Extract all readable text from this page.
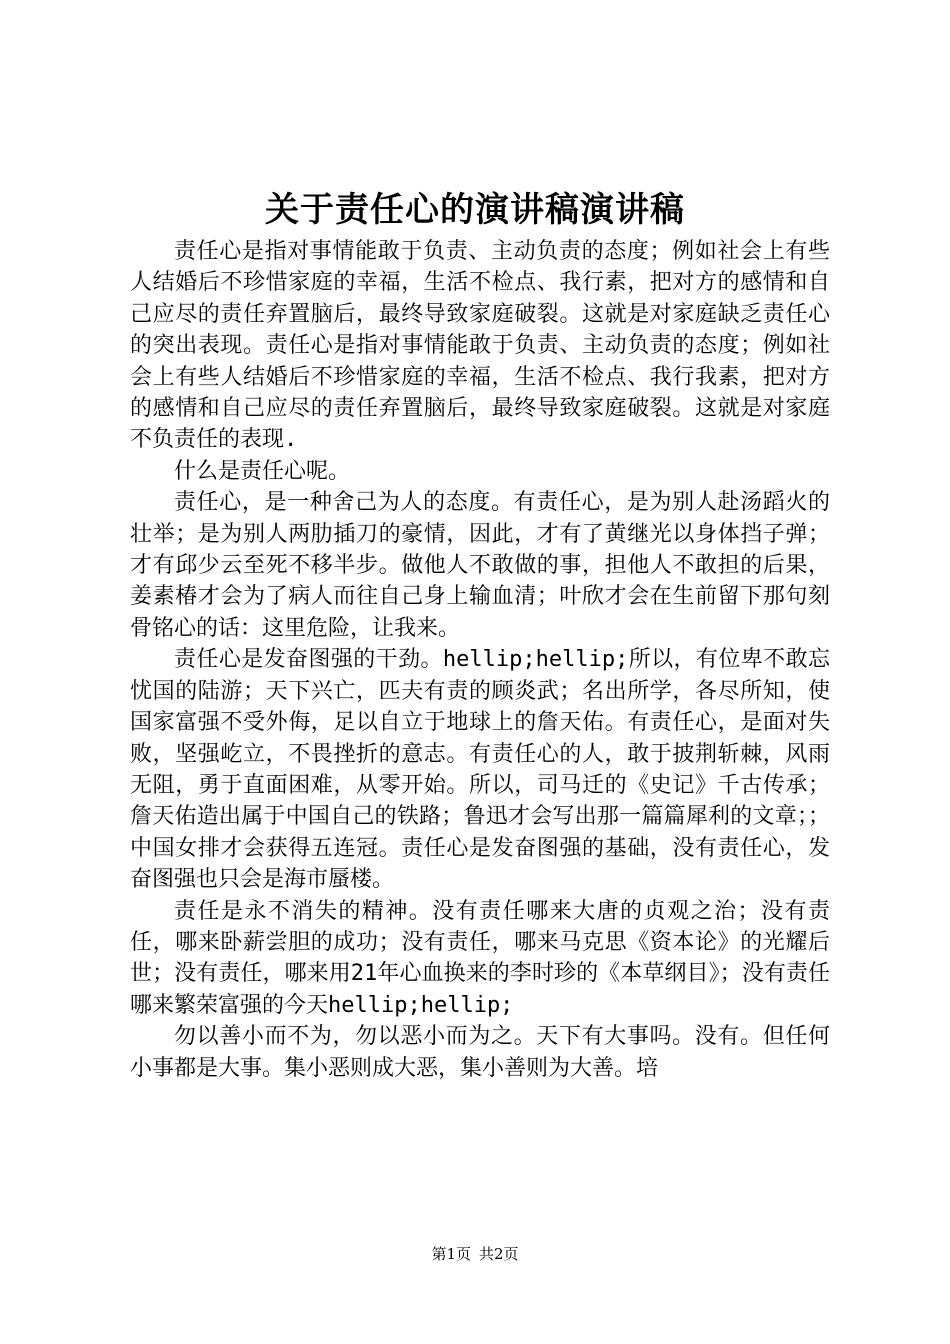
关于责任心的演讲稿演讲稿

责任心是指对事情能敢于负责、主动负责的态度；例如社会上有些人结婚后不珍惜家庭的幸福，生活不检点、我行素，把对方的感情和自己应尽的责任弃置脑后，最终导致家庭破裂。这就是对家庭缺乏责任心的突出表现。责任心是指对事情能敢于负责、主动负责的态度；例如社会上有些人结婚后不珍惜家庭的幸福，生活不检点、我行我素，把对方的感情和自己应尽的责任弃置脑后，最终导致家庭破裂。这就是对家庭不负责任的表现.

什么是责任心呢。

责任心，是一种舍己为人的态度。有责任心，是为别人赴汤蹈火的壮举；是为别人两肋插刀的豪情，因此，才有了黄继光以身体挡子弹；才有邱少云至死不移半步。做他人不敢做的事，担他人不敢担的后果，姜素椿才会为了病人而往自己身上输血清；叶欣才会在生前留下那句刻骨铭心的话：这里危险，让我来。

责任心是发奋图强的干劲。hellip;hellip;所以，有位卑不敢忘忧国的陆游；天下兴亡，匹夫有责的顾炎武；名出所学，各尽所知，使国家富强不受外侮，足以自立于地球上的詹天佑。有责任心，是面对失败，坚强屹立，不畏挫折的意志。有责任心的人，敢于披荆斩棘，风雨无阻，勇于直面困难，从零开始。所以，司马迁的《史记》千古传承；詹天佑造出属于中国自己的铁路；鲁迅才会写出那一篇篇犀利的文章；；中国女排才会获得五连冠。责任心是发奋图强的基础，没有责任心，发奋图强也只会是海市蜃楼。

责任是永不消失的精神。没有责任哪来大唐的贞观之治；没有责任，哪来卧薪尝胆的成功；没有责任，哪来马克思《资本论》的光耀后世；没有责任，哪来用21年心血换来的李时珍的《本草纲目》；没有责任哪来繁荣富强的今天hellip;hellip;

勿以善小而不为，勿以恶小而为之。天下有大事吗。没有。但任何小事都是大事。集小恶则成大恶，集小善则为大善。培

第1页 共2页
